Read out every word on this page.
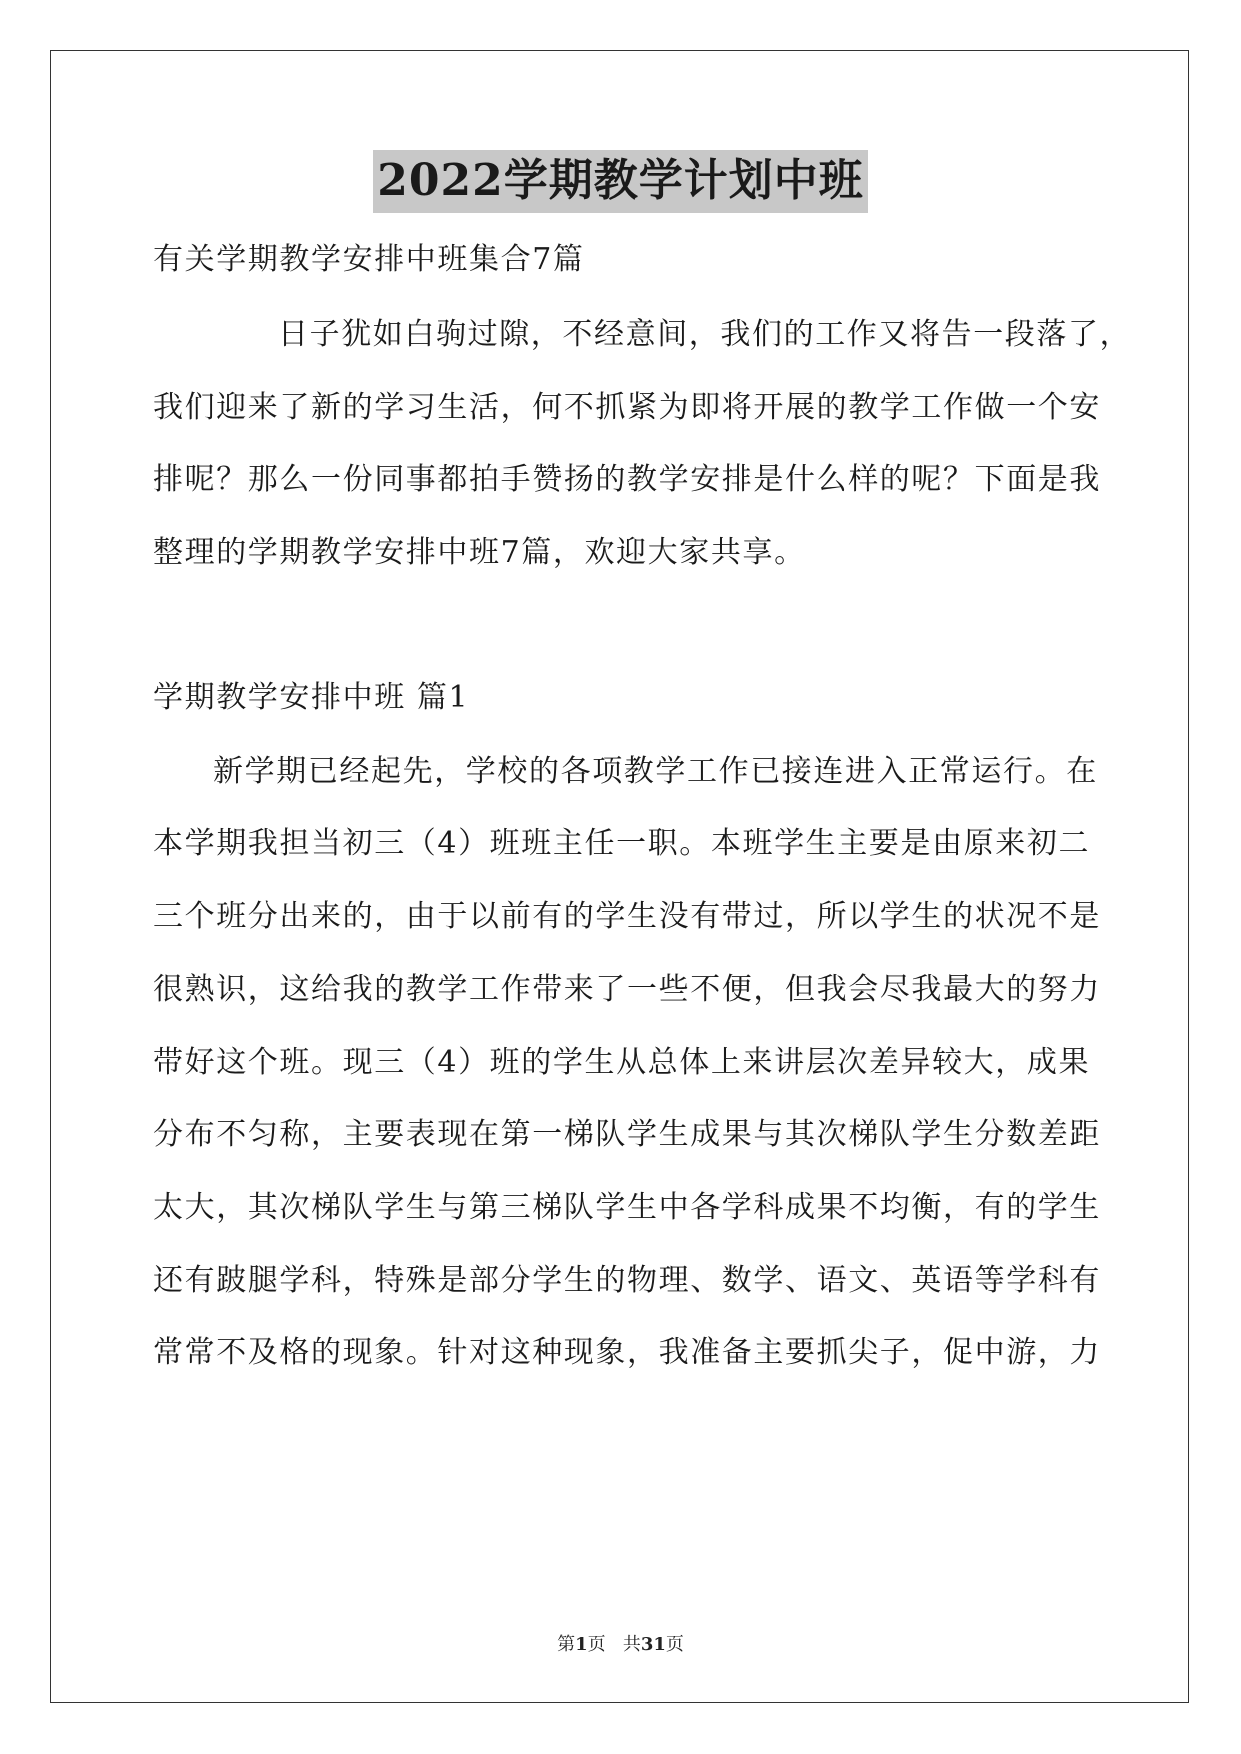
2022学期教学计划中班
有关学期教学安排中班集合7篇
日子犹如白驹过隙，不经意间，我们的工作又将告一段落了，
我们迎来了新的学习生活，何不抓紧为即将开展的教学工作做一个安
排呢？那么一份同事都拍手赞扬的教学安排是什么样的呢？下面是我
整理的学期教学安排中班7篇，欢迎大家共享。
学期教学安排中班 篇1
新学期已经起先，学校的各项教学工作已接连进入正常运行。在
本学期我担当初三（4）班班主任一职。本班学生主要是由原来初二
三个班分出来的，由于以前有的学生没有带过，所以学生的状况不是
很熟识，这给我的教学工作带来了一些不便，但我会尽我最大的努力
带好这个班。现三（4）班的学生从总体上来讲层次差异较大，成果
分布不匀称，主要表现在第一梯队学生成果与其次梯队学生分数差距
太大，其次梯队学生与第三梯队学生中各学科成果不均衡，有的学生
还有跛腿学科，特殊是部分学生的物理、数学、语文、英语等学科有
常常不及格的现象。针对这种现象，我准备主要抓尖子，促中游，力
第1页 共31页
